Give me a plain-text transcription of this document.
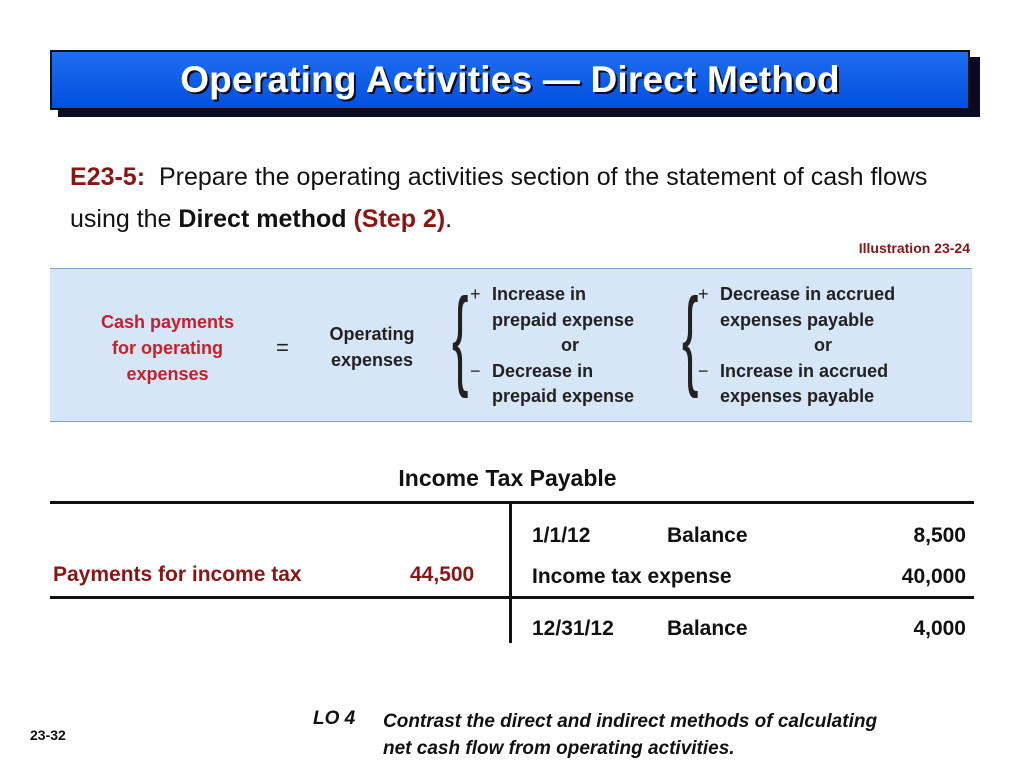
Operating Activities — Direct Method
E23-5: Prepare the operating activities section of the statement of cash flows using the Direct method (Step 2).
Illustration 23-24
Cash payments
for operating
expenses
=
Operating
expenses { + Increase in
prepaid expense
or
− Decrease in
prepaid expense { + Decrease in accrued
expenses payable
or
− Increase in accrued
expenses payable
Income Tax Payable
Payments for income tax	44,500
1/1/12	Balance	8,500
Income tax expense	40,000
12/31/12	Balance	4,000
LO 4 Contrast the direct and indirect methods of calculating
net cash flow from operating activities.
23-32
